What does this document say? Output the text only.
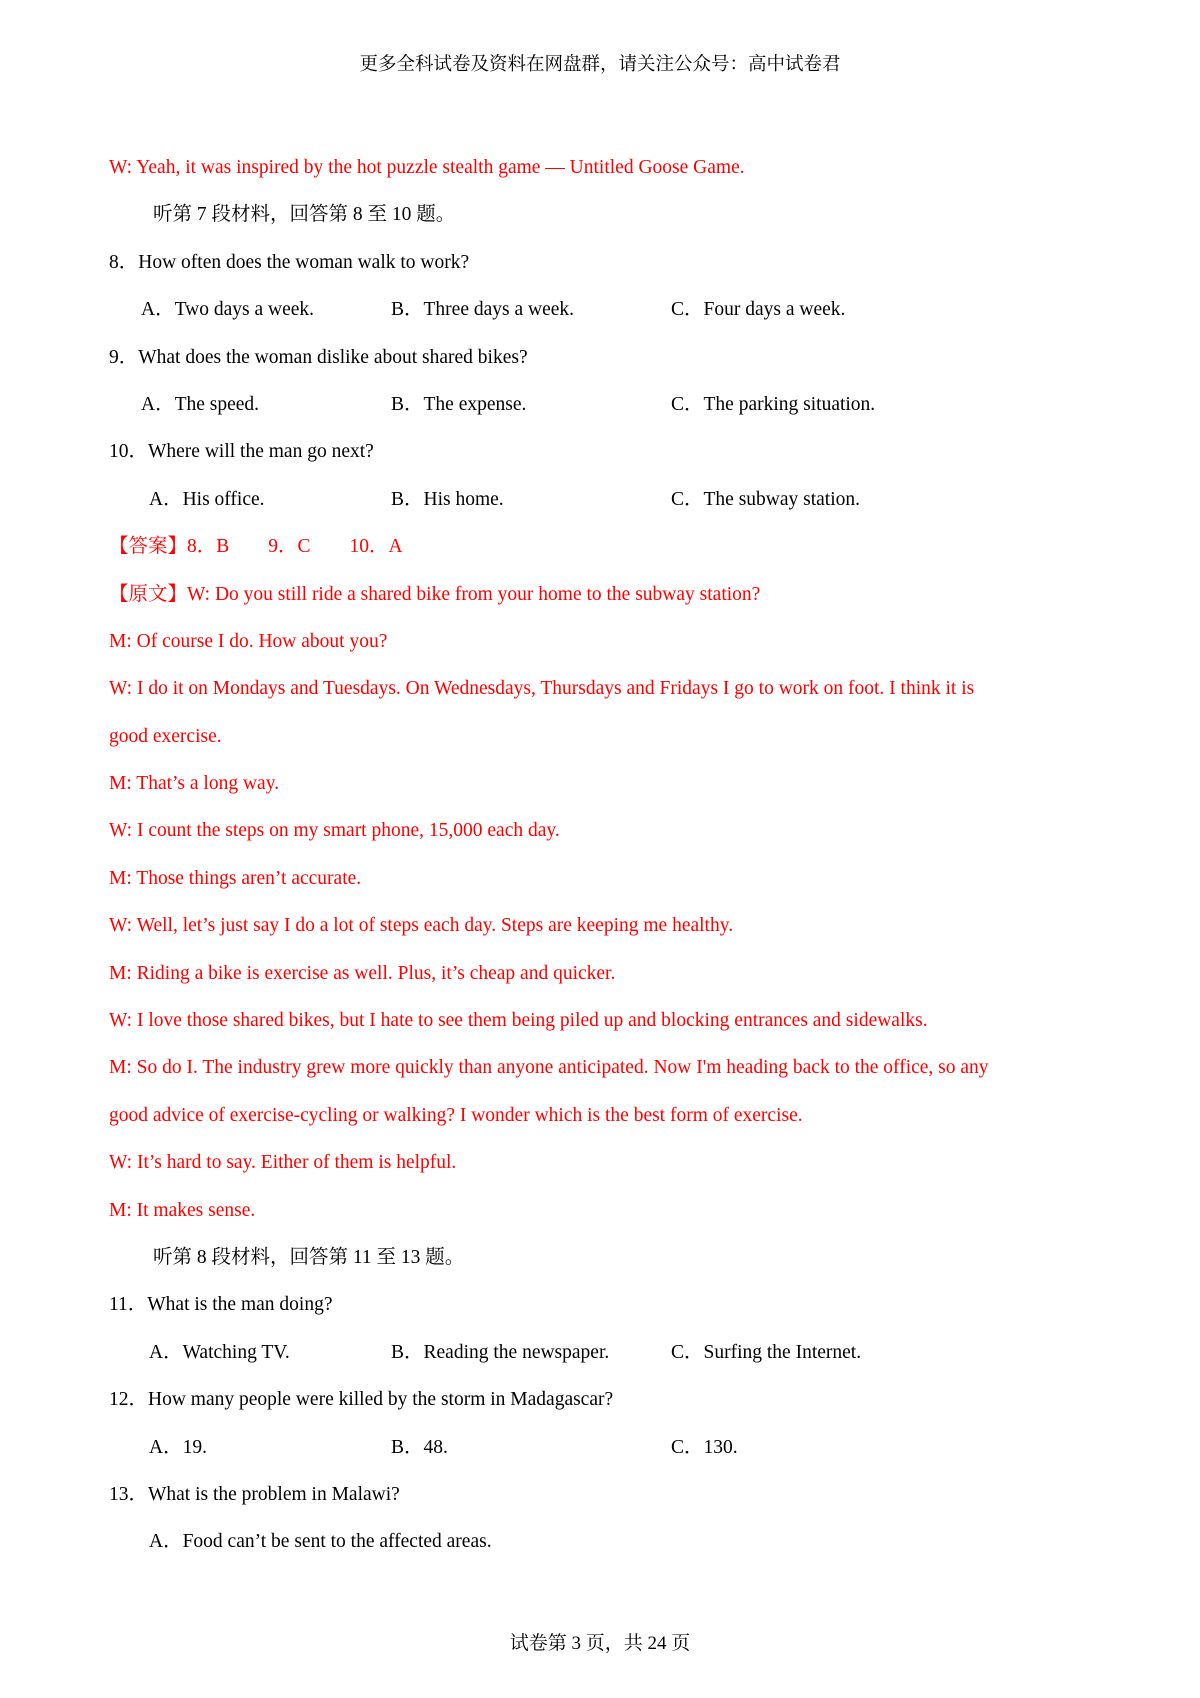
更多全科试卷及资料在网盘群，请关注公众号：高中试卷君
W: Yeah, it was inspired by the hot puzzle stealth game — Untitled Goose Game.
听第 7 段材料，回答第 8 至 10 题。
8．How often does the woman walk to work?
A．Two days a week.	B．Three days a week.	C．Four days a week.
9．What does the woman dislike about shared bikes?
A．The speed.	B．The expense.	C．The parking situation.
10．Where will the man go next?
A．His office.	B．His home.	C．The subway station.
【答案】8．B　　9．C　　10．A
【原文】W: Do you still ride a shared bike from your home to the subway station?
M: Of course I do. How about you?
W: I do it on Mondays and Tuesdays. On Wednesdays, Thursdays and Fridays I go to work on foot. I think it is
good exercise.
M: That’s a long way.
W: I count the steps on my smart phone, 15,000 each day.
M: Those things aren’t accurate.
W: Well, let’s just say I do a lot of steps each day. Steps are keeping me healthy.
M: Riding a bike is exercise as well. Plus, it’s cheap and quicker.
W: I love those shared bikes, but I hate to see them being piled up and blocking entrances and sidewalks.
M: So do I. The industry grew more quickly than anyone anticipated. Now I'm heading back to the office, so any
good advice of exercise-cycling or walking? I wonder which is the best form of exercise.
W: It’s hard to say. Either of them is helpful.
M: It makes sense.
听第 8 段材料，回答第 11 至 13 题。
11．What is the man doing?
A．Watching TV.	B．Reading the newspaper.	C．Surfing the Internet.
12．How many people were killed by the storm in Madagascar?
A．19.	B．48.	C．130.
13．What is the problem in Malawi?
A．Food can’t be sent to the affected areas.
试卷第 3 页，共 24 页
